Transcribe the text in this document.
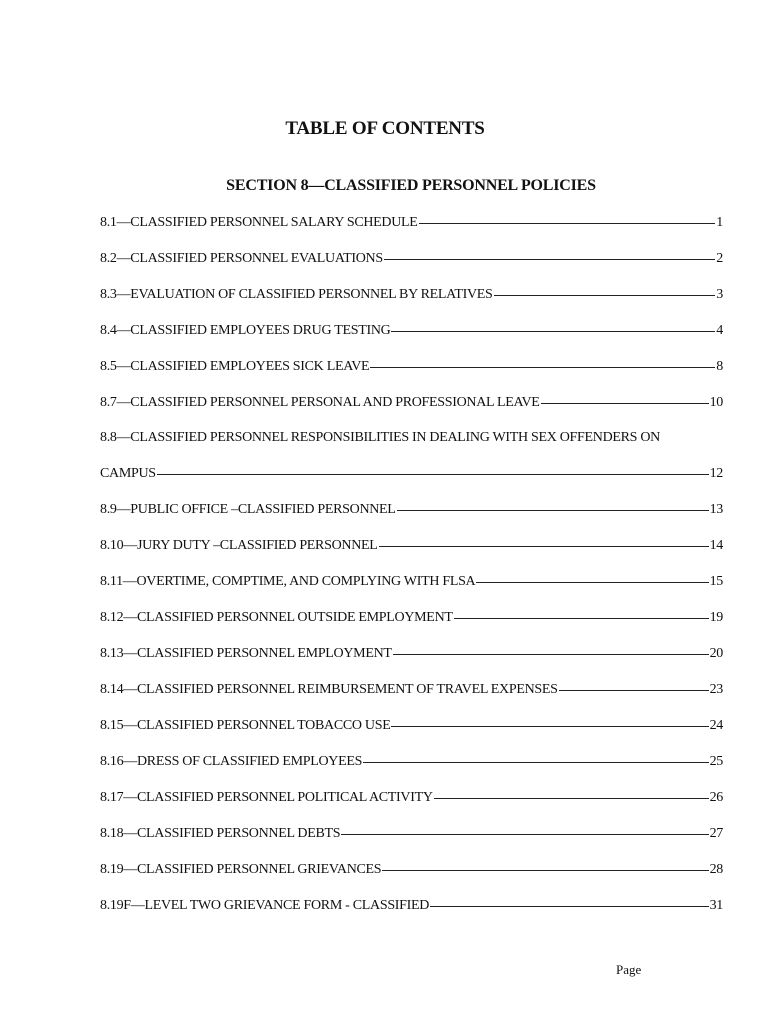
TABLE OF CONTENTS
SECTION 8—CLASSIFIED PERSONNEL POLICIES
8.1—CLASSIFIED PERSONNEL SALARY SCHEDULE	1
8.2—CLASSIFIED PERSONNEL EVALUATIONS	2
8.3—EVALUATION OF CLASSIFIED PERSONNEL BY RELATIVES	3
8.4—CLASSIFIED EMPLOYEES DRUG TESTING	4
8.5—CLASSIFIED EMPLOYEES SICK LEAVE	8
8.7—CLASSIFIED PERSONNEL PERSONAL AND PROFESSIONAL LEAVE	10
8.8—CLASSIFIED PERSONNEL RESPONSIBILITIES IN DEALING WITH SEX OFFENDERS ON
CAMPUS	12
8.9—PUBLIC OFFICE –CLASSIFIED PERSONNEL	13
8.10—JURY DUTY –CLASSIFIED PERSONNEL	14
8.11—OVERTIME, COMPTIME, AND COMPLYING WITH FLSA	15
8.12—CLASSIFIED PERSONNEL OUTSIDE EMPLOYMENT	19
8.13—CLASSIFIED PERSONNEL EMPLOYMENT	20
8.14—CLASSIFIED PERSONNEL REIMBURSEMENT OF TRAVEL EXPENSES	23
8.15—CLASSIFIED PERSONNEL TOBACCO USE	24
8.16—DRESS OF CLASSIFIED EMPLOYEES	25
8.17—CLASSIFIED PERSONNEL POLITICAL ACTIVITY	26
8.18—CLASSIFIED PERSONNEL DEBTS	27
8.19—CLASSIFIED PERSONNEL GRIEVANCES	28
8.19F—LEVEL TWO GRIEVANCE FORM - CLASSIFIED	31
Page
